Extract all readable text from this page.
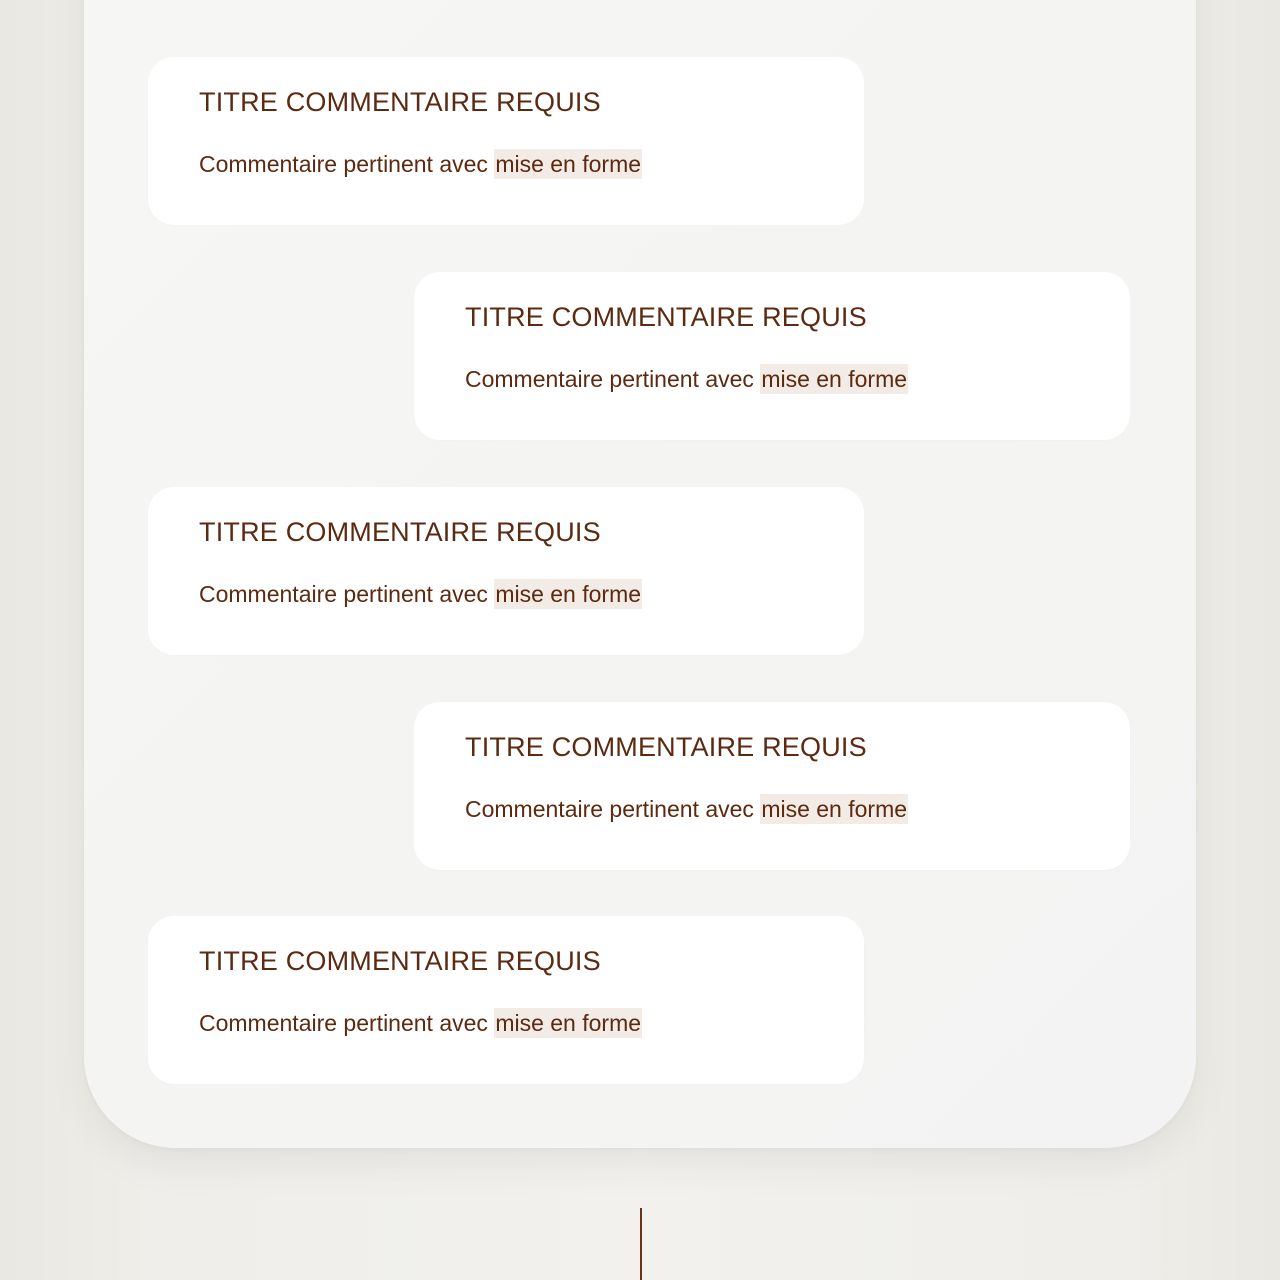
TITRE COMMENTAIRE REQUIS

Commentaire pertinent avec mise en forme

TITRE COMMENTAIRE REQUIS

Commentaire pertinent avec mise en forme

TITRE COMMENTAIRE REQUIS

Commentaire pertinent avec mise en forme

TITRE COMMENTAIRE REQUIS

Commentaire pertinent avec mise en forme

TITRE COMMENTAIRE REQUIS

Commentaire pertinent avec mise en forme
